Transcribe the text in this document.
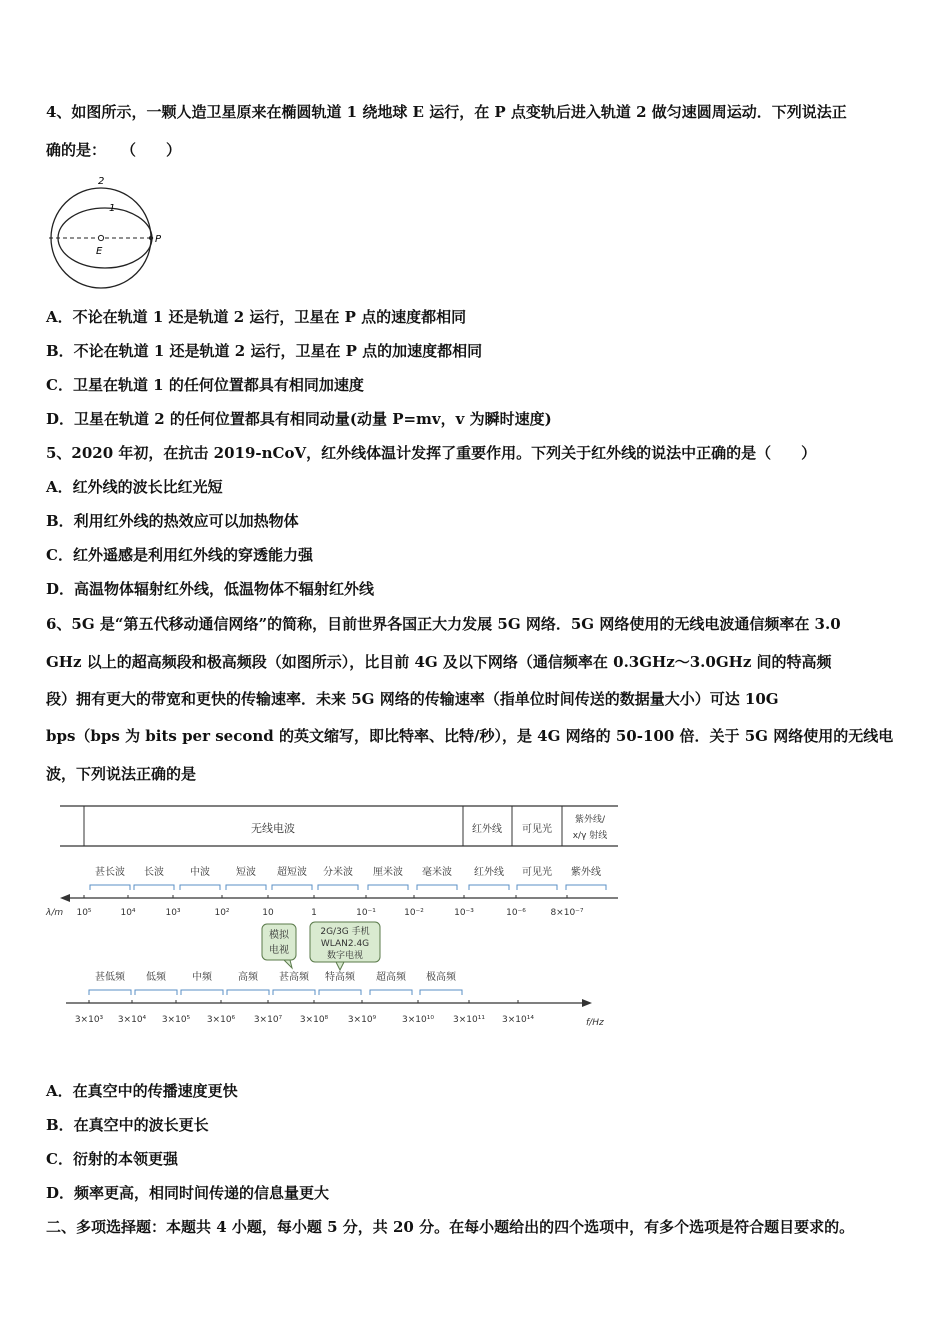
4、如图所示，一颗人造卫星原来在椭圆轨道 1 绕地球 E 运行，在 P 点变轨后进入轨道 2 做匀速圆周运动．下列说法正
确的是：　　（　　）
2
1
E
P
A．不论在轨道 1 还是轨道 2 运行，卫星在 P 点的速度都相同
B．不论在轨道 1 还是轨道 2 运行，卫星在 P 点的加速度都相同
C．卫星在轨道 1 的任何位置都具有相同加速度
D．卫星在轨道 2 的任何位置都具有相同动量(动量 P=mv，v 为瞬时速度)
5、2020 年初，在抗击 2019-nCoV，红外线体温计发挥了重要作用。下列关于红外线的说法中正确的是（　　）
A．红外线的波长比红光短
B．利用红外线的热效应可以加热物体
C．红外遥感是利用红外线的穿透能力强
D．高温物体辐射红外线，低温物体不辐射红外线
6、5G 是“第五代移动通信网络”的简称，目前世界各国正大力发展 5G 网络．5G 网络使用的无线电波通信频率在 3.0
GHz 以上的超高频段和极高频段（如图所示），比目前 4G 及以下网络（通信频率在 0.3GHz～3.0GHz 间的特高频
段）拥有更大的带宽和更快的传输速率．未来 5G 网络的传输速率（指单位时间传送的数据量大小）可达 10G
bps（bps 为 bits per second 的英文缩写，即比特率、比特/秒），是 4G 网络的 50-100 倍．关于 5G 网络使用的无线电
波，下列说法正确的是
无线电波	红外线 可见光
紫外线/
x/γ 射线
甚长波 长波	中波	短波 超短波 分米波 厘米波 毫米波 红外线 可见光 紫外线
λ/m 10⁵	10⁴	10³	10²	10	1	10⁻¹	10⁻²	10⁻³	10⁻⁶	8×10⁻⁷
模拟
电视
2G/3G 手机
WLAN2.4G
数字电视
甚低频 低频	中频	高频 甚高频 特高频 超高频 极高频
3×10³ 3×10⁴ 3×10⁵ 3×10⁶ 3×10⁷ 3×10⁸ 3×10⁹	3×10¹⁰ 3×10¹¹ 3×10¹⁴	f/Hz
A．在真空中的传播速度更快
B．在真空中的波长更长
C．衍射的本领更强
D．频率更高，相同时间传递的信息量更大
二、多项选择题：本题共 4 小题，每小题 5 分，共 20 分。在每小题给出的四个选项中，有多个选项是符合题目要求的。
